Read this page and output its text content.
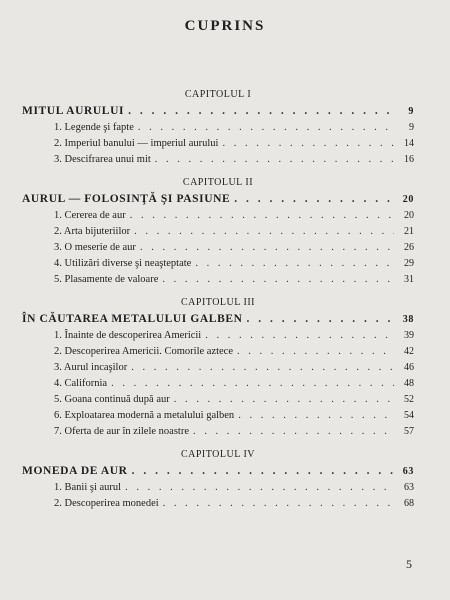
CUPRINS
CAPITOLUL I
MITUL AURULUI . . .	9
1. Legende şi fapte . . .	9
2. Imperiul banului — imperiul aurului . . .	14
3. Descifrarea unui mit . . .	16
CAPITOLUL II
AURUL — FOLOSINŢĂ ŞI PASIUNE . . .	20
1. Cererea de aur . . .	20
2. Arta bijuteriilor . . .	21
3. O meserie de aur . . .	26
4. Utilizări diverse şi neaşteptate . . .	29
5. Plasamente de valoare . . .	31
CAPITOLUL III
ÎN CĂUTAREA METALULUI GALBEN . . .	38
1. Înainte de descoperirea Americii . . .	39
2. Descoperirea Americii. Comorile aztece . . .	42
3. Aurul incaşilor . . .	46
4. California . . .	48
5. Goana continuă după aur . . .	52
6. Exploatarea modernă a metalului galben . . .	54
7. Oferta de aur în zilele noastre . . .	57
CAPITOLUL IV
MONEDA DE AUR . . .	63
1. Banii şi aurul . . .	63
2. Descoperirea monedei . . .	68
5
